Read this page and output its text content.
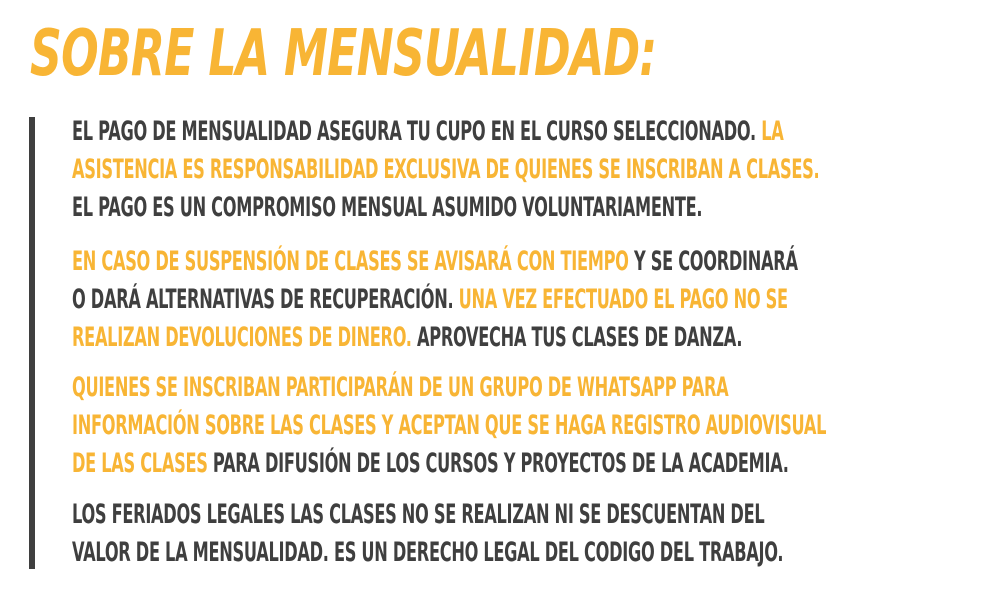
SOBRE LA MENSUALIDAD:
EL PAGO DE MENSUALIDAD ASEGURA TU CUPO EN EL CURSO SELECCIONADO. LA
ASISTENCIA ES RESPONSABILIDAD EXCLUSIVA DE QUIENES SE INSCRIBAN A CLASES.
EL PAGO ES UN COMPROMISO MENSUAL ASUMIDO VOLUNTARIAMENTE.
EN CASO DE SUSPENSIÓN DE CLASES SE AVISARÁ CON TIEMPO Y SE COORDINARÁ
O DARÁ ALTERNATIVAS DE RECUPERACIÓN. UNA VEZ EFECTUADO EL PAGO NO SE
REALIZAN DEVOLUCIONES DE DINERO. APROVECHA TUS CLASES DE DANZA.
QUIENES SE INSCRIBAN PARTICIPARÁN DE UN GRUPO DE WHATSAPP PARA
INFORMACIÓN SOBRE LAS CLASES Y ACEPTAN QUE SE HAGA REGISTRO AUDIOVISUAL
DE LAS CLASES PARA DIFUSIÓN DE LOS CURSOS Y PROYECTOS DE LA ACADEMIA.
LOS FERIADOS LEGALES LAS CLASES NO SE REALIZAN NI SE DESCUENTAN DEL
VALOR DE LA MENSUALIDAD. ES UN DERECHO LEGAL DEL CODIGO DEL TRABAJO.
